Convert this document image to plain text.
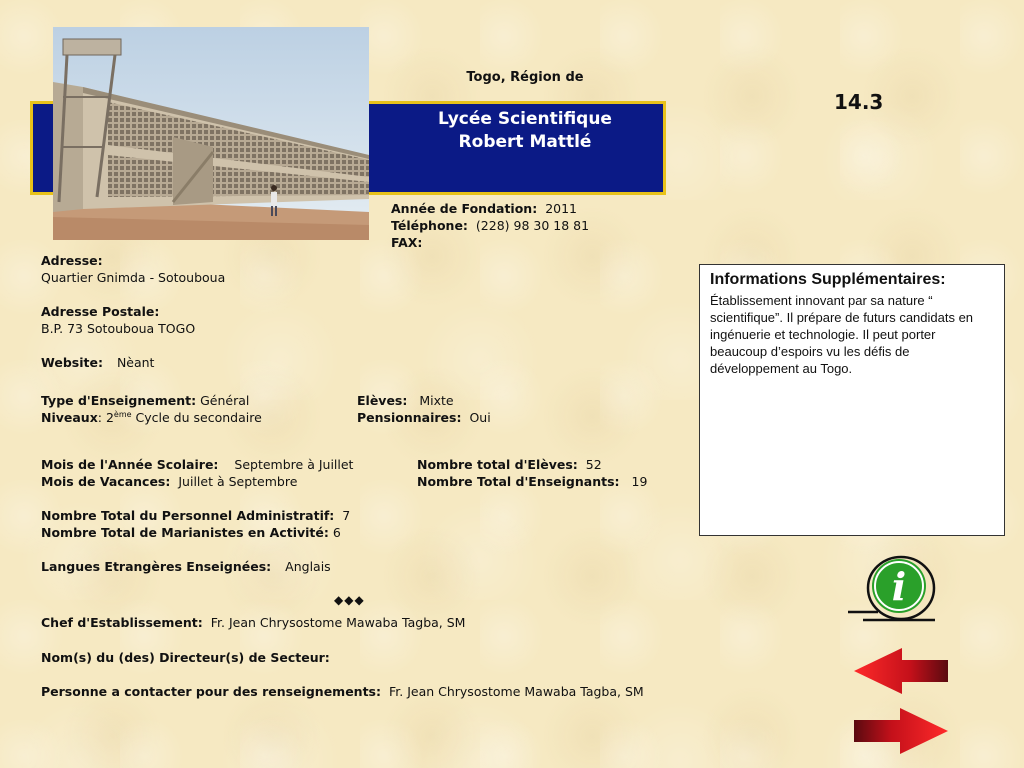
Lycée Scientifique
Robert Mattlé
Togo, Région de
14.3
Année de Fondation: 2011
Téléphone: (228) 98 30 18 81
FAX:
Adresse:
Quartier Gnimda - Sotouboua
Adresse Postale:
B.P. 73 Sotouboua TOGO
Website: Nèant
Type d'Enseignement: Général
Niveaux: 2ème Cycle du secondaire
Elèves: Mixte
Pensionnaires: Oui
Mois de l'Année Scolaire: Septembre à Juillet
Mois de Vacances: Juillet à Septembre
Nombre total d'Elèves: 52
Nombre Total d'Enseignants: 19
Nombre Total du Personnel Administratif: 7
Nombre Total de Marianistes en Activité: 6
Langues Etrangères Enseignées: Anglais
◆◆◆
Chef d'Establissement: Fr. Jean Chrysostome Mawaba Tagba, SM
Nom(s) du (des) Directeur(s) de Secteur:
Personne a contacter pour des renseignements: Fr. Jean Chrysostome Mawaba Tagba, SM
Informations Supplémentaires:
Établissement innovant par sa nature “ scientifique”. Il prépare de futurs candidats en ingénuerie et technologie. Il peut porter beaucoup d’espoirs vu les défis de développement au Togo.
i
